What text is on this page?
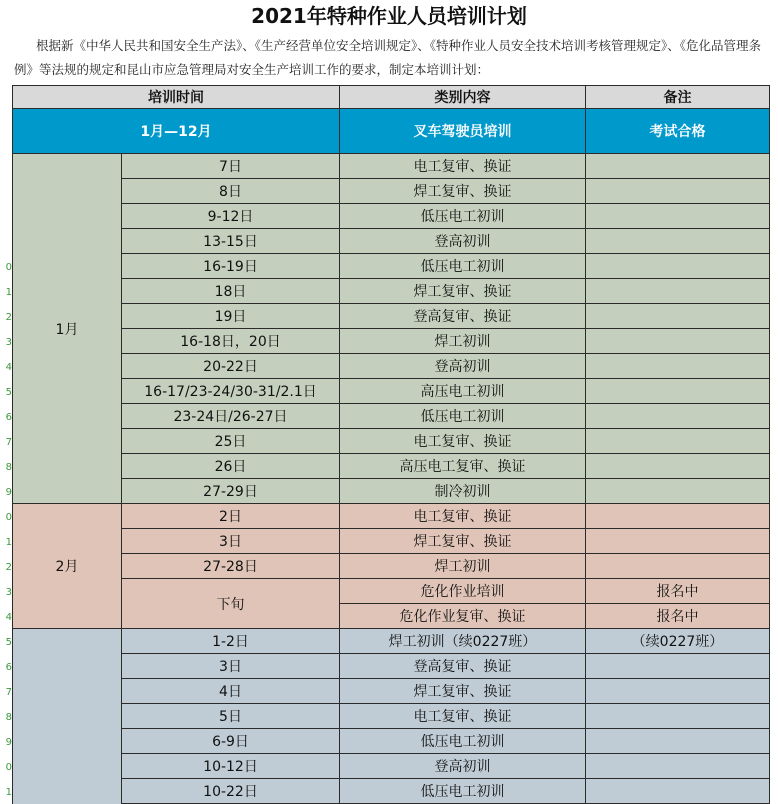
0
1
2
3
4
5
6
7
8
9
0
1
2
3
4
5
6
7
8
9
0
1
2021年特种作业人员培训计划
根据新《中华人民共和国安全生产法》、《生产经营单位安全培训规定》、《特种作业人员安全技术培训考核管理规定》、《危化品管理条例》等法规的规定和昆山市应急管理局对安全生产培训工作的要求，制定本培训计划：
培训时间		类别内容	备注
1月—12月		叉车驾驶员培训	考试合格
1月	7日	电工复审、换证	
	8日	焊工复审、换证	
	9-12日	低压电工初训	
	13-15日	登高初训	
	16-19日	低压电工初训	
	18日	焊工复审、换证	
	19日	登高复审、换证	
	16-18日，20日	焊工初训	
	20-22日	登高初训	
	16-17/23-24/30-31/2.1日	高压电工初训	
	23-24日/26-27日	低压电工初训	
	25日	电工复审、换证	
	26日	高压电工复审、换证	
	27-29日	制冷初训	
2月	2日	电工复审、换证	
	3日	焊工复审、换证	
	27-28日	焊工初训	
	下旬	危化作业培训	报名中
		危化作业复审、换证	报名中
	1-2日	焊工初训（续0227班）	（续0227班）
	3日	登高复审、换证	
	4日	焊工复审、换证	
	5日	电工复审、换证	
	6-9日	低压电工初训	
	10-12日	登高初训	
	10-22日	低压电工初训	
